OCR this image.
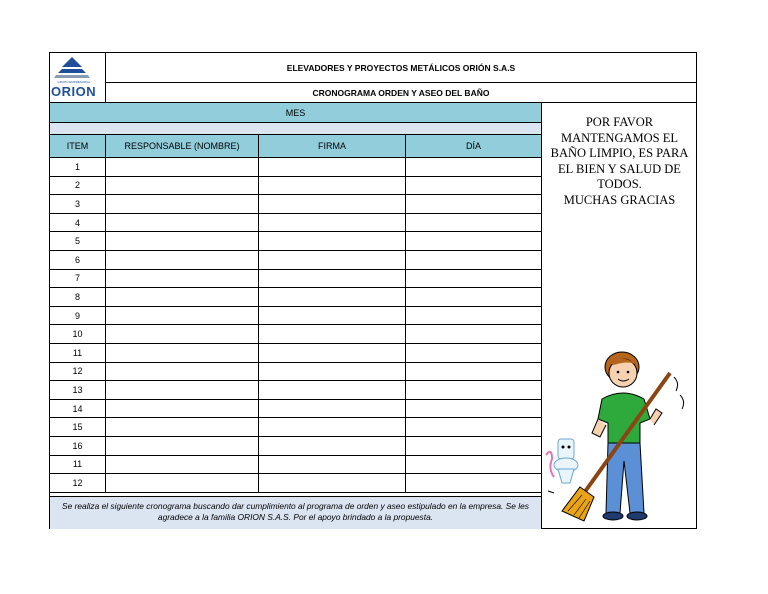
GRUPO EMPRESARIAL
ORION
ELEVADORES Y PROYECTOS METÁLICOS ORIÓN S.A.S
CRONOGRAMA ORDEN Y ASEO DEL BAÑO
MES
ITEM	RESPONSABLE (NOMBRE)	FIRMA	DÍA
1
2
3
4
5
6
7
8
9
10
11
12
13
14
15
16
11
12
Se realiza el siguiente cronograma buscando dar cumplimiento al programa de orden y aseo estipulado en la empresa. Se les agradece a la familia ORION S.A.S. Por el apoyo brindado a la propuesta.
POR FAVOR
MANTENGAMOS EL
BAÑO LIMPIO, ES PARA
EL BIEN Y SALUD DE
TODOS.
MUCHAS GRACIAS
